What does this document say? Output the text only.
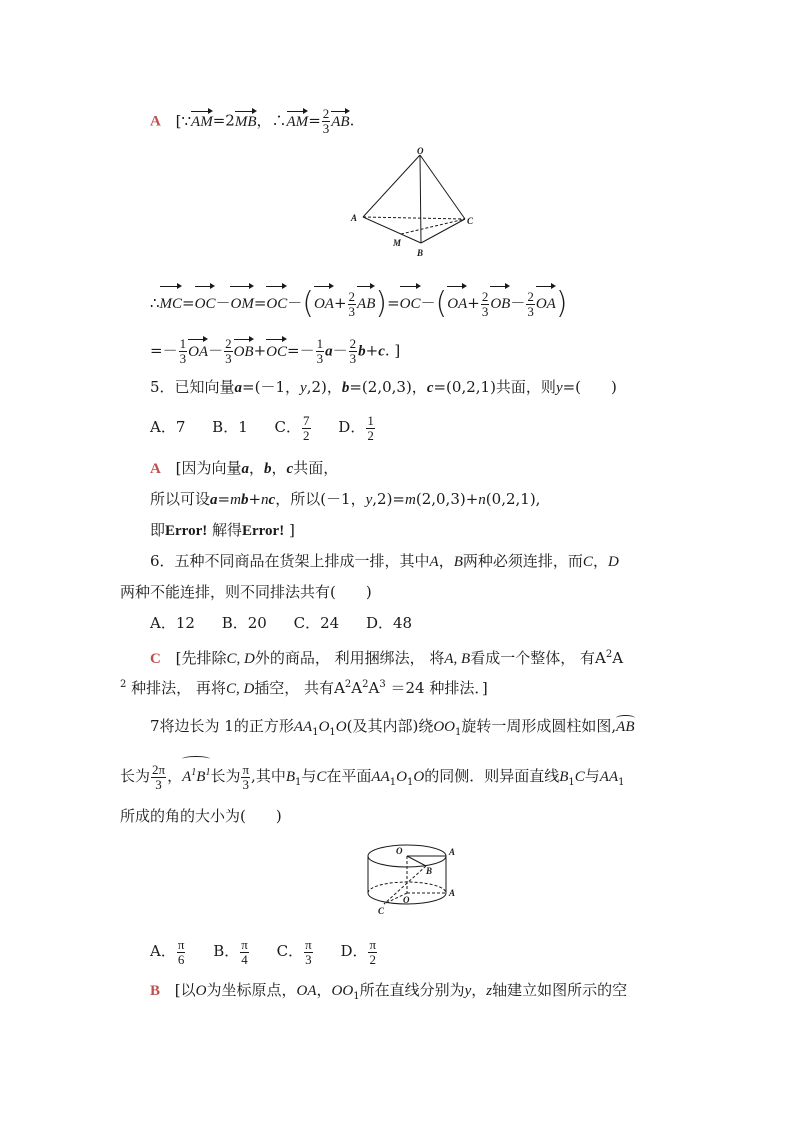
A [∵AM=2MB，∴AM= $\frac{2}{3}$ AB.
O
A	C
M
B
∴MC=OC－OM=OC－(OA+ $\frac{2}{3} AB)=OC-(OA+ \frac{2}{3} OB- \frac{2}{3} OA)$
=－ $\frac{1}{3} OA- \frac{2}{3} OB+OC=- \frac{1}{3} a- \frac{2}{3} b+c$. ]
5．已知向量a=(－1，y,2)，b=(2,0,3)，c=(0,2,1)共面，则y=(　　)
A．7 B．1 C． $\frac{7}{2}$ D． $\frac{1}{2}$
A [因为向量a，b，c共面，
所以可设a=mb+nc，所以(－1，y,2)=m(2,0,3)+n(0,2,1),
即Error! 解得Error! ]
6．五种不同商品在货架上排成一排，其中A，B两种必须连排，而C，D
两种不能连排，则不同排法共有(　　)
A．12 B．20 C．24 D．48
C [先排除C, D外的商品， 利用捆绑法， 将A, B看成一个整体， 有$A^2A$
$^2$ 种排法， 再将C, D插空， 共有$A^2A^2A^3 =24$ 种排法．]
7将边长为 1的正方形$AA_1O_1O$(及其内部)绕$OO_1$旋转一周形成圆柱如图,AB
长为 $\frac{2\pi}{3}$ ，$A^1B^1$长为 $\frac{\pi}{3}$ ,其中$B_1$与C在平面$AA_1O_1O$的同侧．则异面直线$B_1C$与$AA_1$
所成的角的大小为(　　)
O	A
B
O
A
C
A． $\frac{\pi}{6}$ B． $\frac{\pi}{4}$ C． $\frac{\pi}{3}$ D． $\frac{\pi}{2}$
B [以O为坐标原点，OA，$OO_1$所在直线分别为y，z轴建立如图所示的空
